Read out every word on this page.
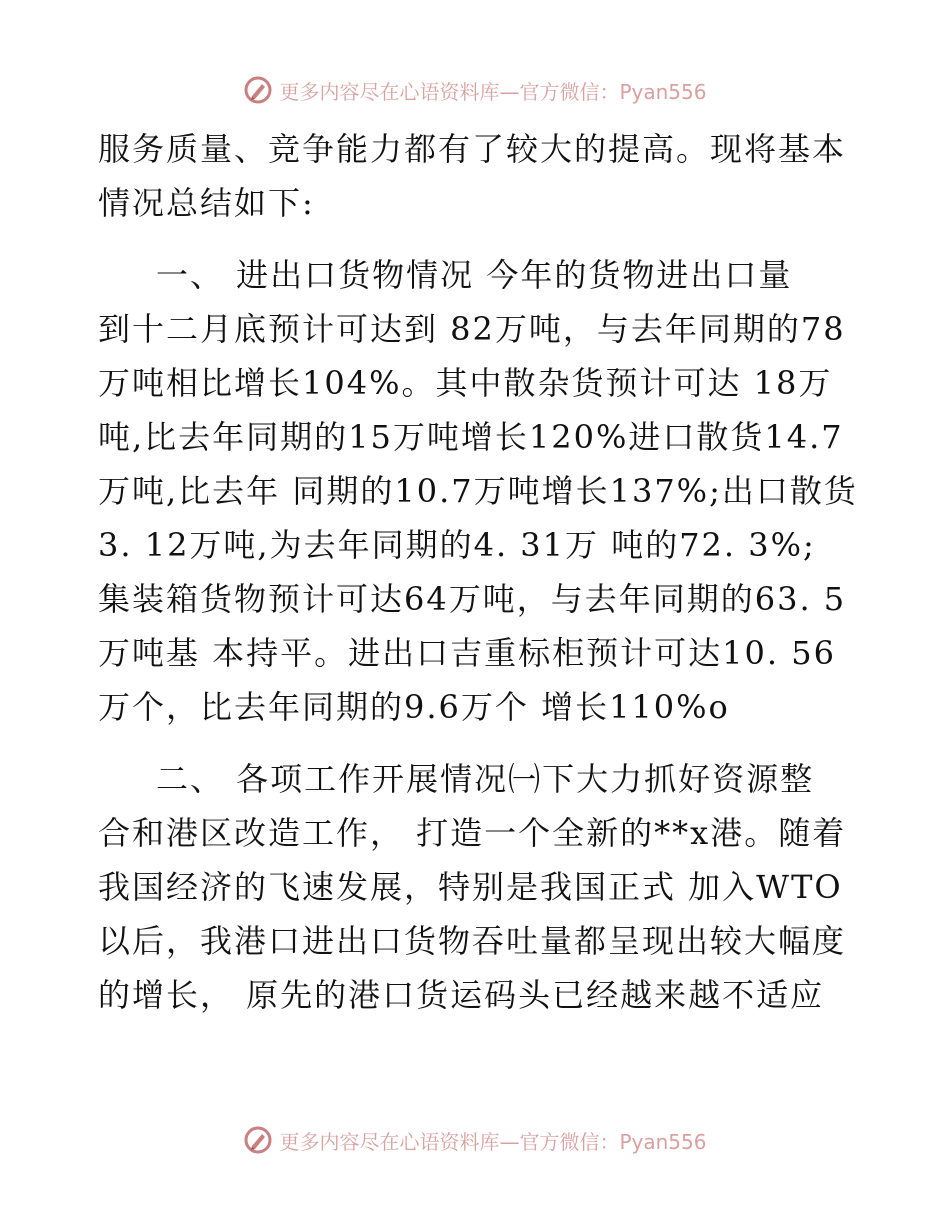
更多内容尽在心语资料库—官方微信：Pyan556

服务质量、竞争能力都有了较大的提高。现将基本
情况总结如下:

一、 进出口货物情况 今年的货物进出口量
到十二月底预计可达到 82万吨，与去年同期的78
万吨相比增长104%。其中散杂货预计可达 18万
吨,比去年同期的15万吨增长120%进口散货14.7
万吨,比去年 同期的10.7万吨增长137%;出口散货
3. 12万吨,为去年同期的4. 31万 吨的72. 3%;
集装箱货物预计可达64万吨，与去年同期的63. 5
万吨基 本持平。进出口吉重标柜预计可达10. 56
万个，比去年同期的9.6万个 增长110%o

二、 各项工作开展情况㈠下大力抓好资源整
合和港区改造工作， 打造一个全新的**x港。随着
我国经济的飞速发展，特别是我国正式 加入WTO
以后，我港口进出口货物吞吐量都呈现出较大幅度
的增长， 原先的港口货运码头已经越来越不适应

更多内容尽在心语资料库—官方微信：Pyan556
